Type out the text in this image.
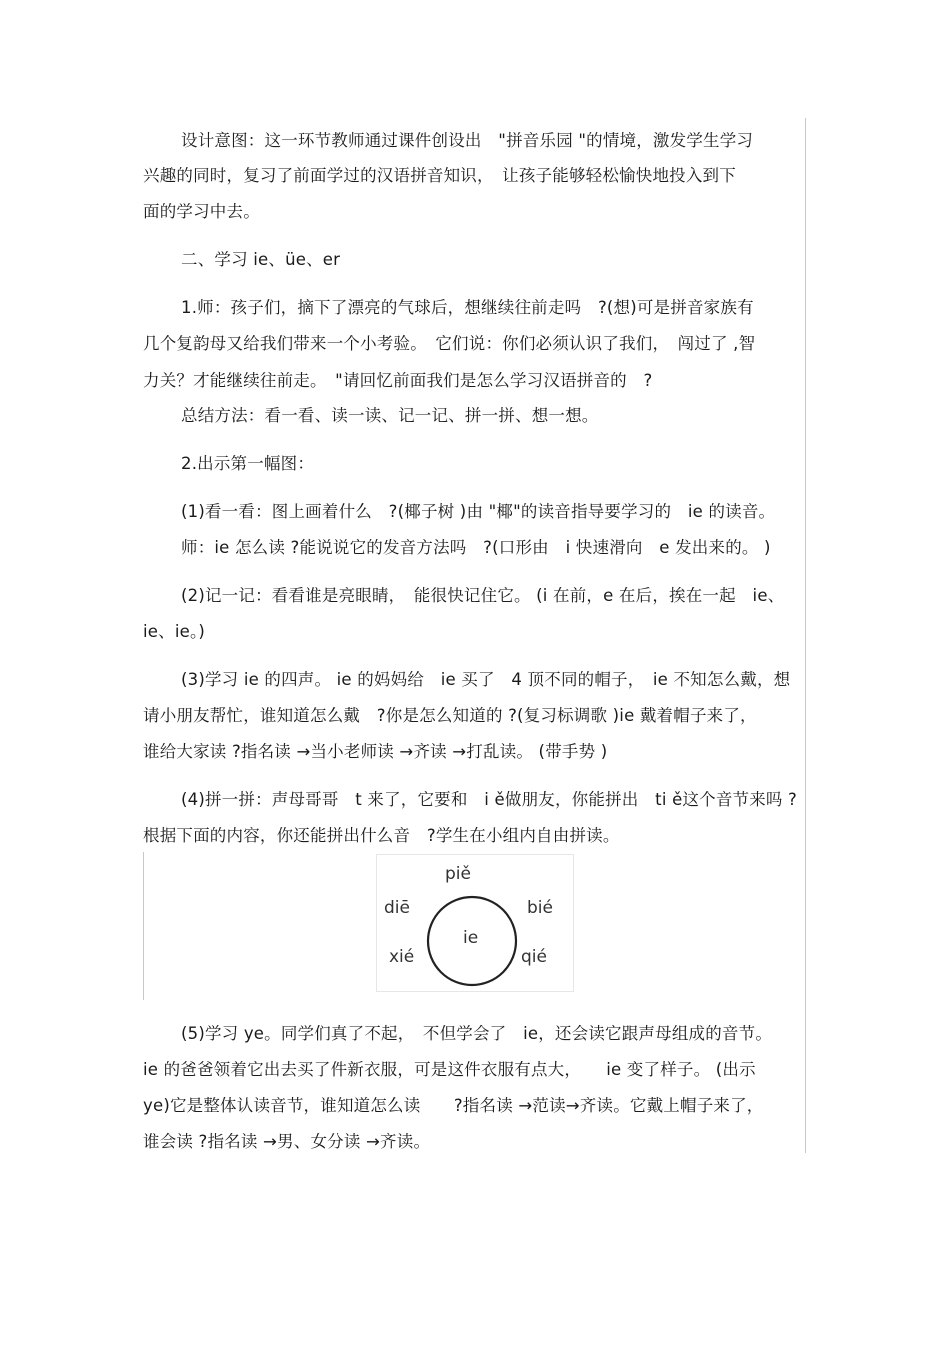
设计意图：这一环节教师通过课件创设出　"拼音乐园 "的情境，激发学生学习
兴趣的同时，复习了前面学过的汉语拼音知识，　让孩子能够轻松愉快地投入到下
面的学习中去。
二、学习 ie、üe、er
1.师：孩子们，摘下了漂亮的气球后，想继续往前走吗　?(想)可是拼音家族有
几个复韵母又给我们带来一个小考验。　它们说：你们必须认识了我们，　闯过了 ,智
力关？才能继续往前走。　"请回忆前面我们是怎么学习汉语拼音的　?
总结方法：看一看、读一读、记一记、拼一拼、想一想。
2.出示第一幅图：
(1)看一看：图上画着什么　?(椰子树 )由 "椰"的读音指导要学习的　ie 的读音。
师：ie 怎么读 ?能说说它的发音方法吗　?(口形由　i 快速滑向　e 发出来的。 )
(2)记一记：看看谁是亮眼睛，　能很快记住它。 (i 在前，e 在后，挨在一起　ie、
ie、ie。)
(3)学习 ie 的四声。 ie 的妈妈给　ie 买了　4 顶不同的帽子，　ie 不知怎么戴，想
请小朋友帮忙，谁知道怎么戴　?你是怎么知道的 ?(复习标调歌 )ie 戴着帽子来了，
谁给大家读 ?指名读 →当小老师读 →齐读 →打乱读。 (带手势 )
(4)拼一拼：声母哥哥　t 来了，它要和　i ě做朋友，你能拼出　ti ě这个音节来吗 ?
根据下面的内容，你还能拼出什么音　?学生在小组内自由拼读。
ie
piě
diē	bié
xié	qié
(5)学习 ye。同学们真了不起，　不但学会了　ie，还会读它跟声母组成的音节。
ie 的爸爸领着它出去买了件新衣服，可是这件衣服有点大，　　ie 变了样子。 (出示
ye)它是整体认读音节，谁知道怎么读　　?指名读 →范读→齐读。它戴上帽子来了，
谁会读 ?指名读 →男、女分读 →齐读。
